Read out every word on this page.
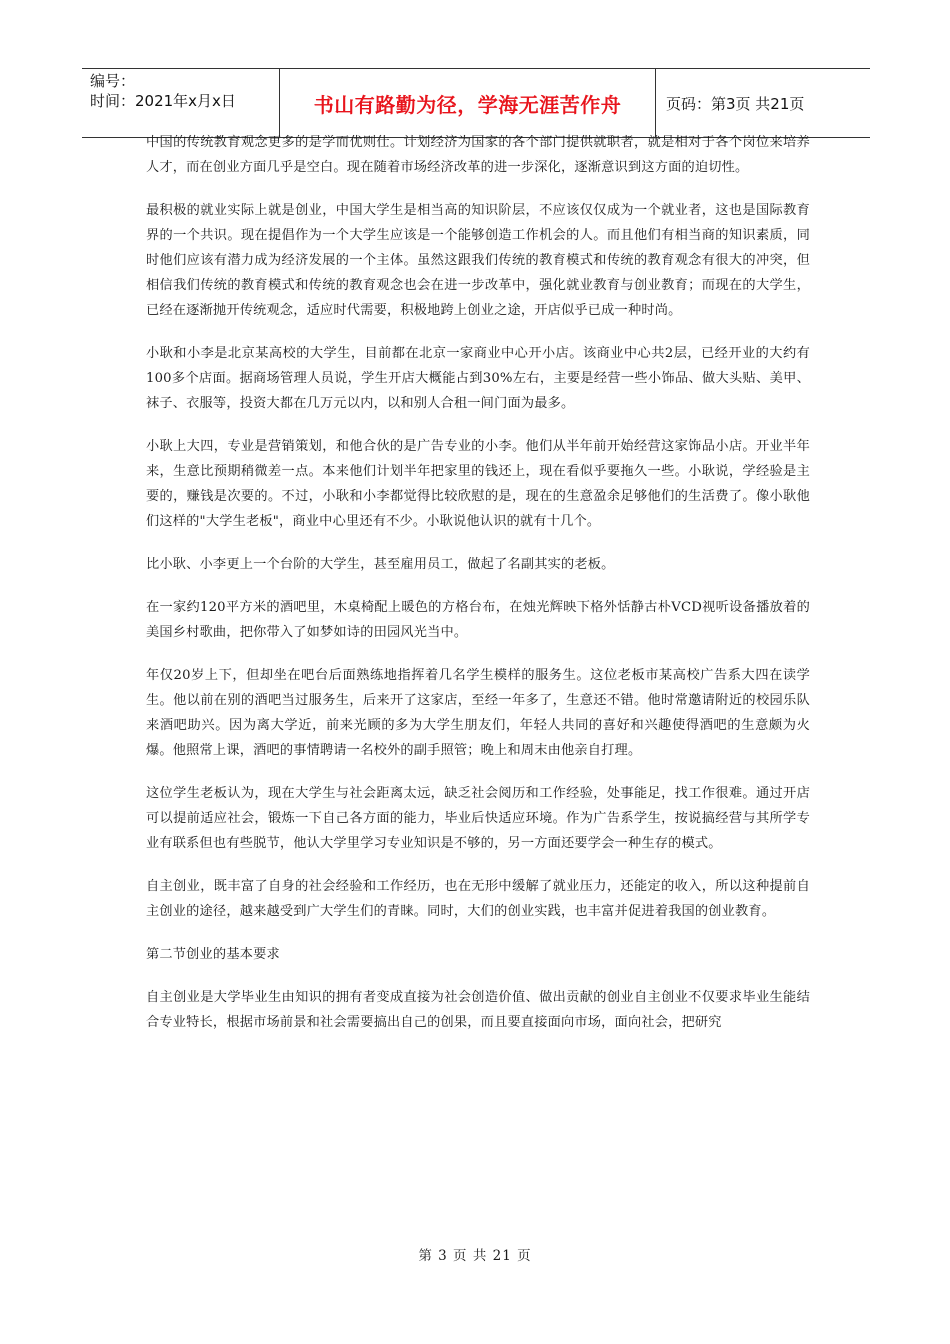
编号：
时间：2021年x月x日	书山有路勤为径，学海无涯苦作舟	页码：第3页 共21页

中国的传统教育观念更多的是学而优则仕。计划经济为国家的各个部门提供就职者，就是相对于各个岗位来培养人才，而在创业方面几乎是空白。现在随着市场经济改革的进一步深化，逐渐意识到这方面的迫切性。

最积极的就业实际上就是创业，中国大学生是相当高的知识阶层，不应该仅仅成为一个就业者，这也是国际教育界的一个共识。现在提倡作为一个大学生应该是一个能够创造工作机会的人。而且他们有相当商的知识素质，同时他们应该有潜力成为经济发展的一个主体。虽然这跟我们传统的教育模式和传统的教育观念有很大的冲突，但相信我们传统的教育模式和传统的教育观念也会在进一步改革中，强化就业教育与创业教育；而现在的大学生，已经在逐渐抛开传统观念，适应时代需要，积极地跨上创业之途，开店似乎已成一种时尚。

小耿和小李是北京某高校的大学生，目前都在北京一家商业中心开小店。该商业中心共2层，已经开业的大约有100多个店面。据商场管理人员说，学生开店大概能占到30%左右，主要是经营一些小饰品、做大头贴、美甲、袜子、衣服等，投资大都在几万元以内，以和别人合租一间门面为最多。

小耿上大四，专业是营销策划，和他合伙的是广告专业的小李。他们从半年前开始经营这家饰品小店。开业半年来，生意比预期稍微差一点。本来他们计划半年把家里的钱还上，现在看似乎要拖久一些。小耿说，学经验是主要的，赚钱是次要的。不过，小耿和小李都觉得比较欣慰的是，现在的生意盈余足够他们的生活费了。像小耿他们这样的"大学生老板"，商业中心里还有不少。小耿说他认识的就有十几个。

比小耿、小李更上一个台阶的大学生，甚至雇用员工，做起了名副其实的老板。

在一家约120平方米的酒吧里，木桌椅配上暖色的方格台布，在烛光辉映下格外恬静古朴VCD视听设备播放着的美国乡村歌曲，把你带入了如梦如诗的田园风光当中。

年仅20岁上下，但却坐在吧台后面熟练地指挥着几名学生模样的服务生。这位老板市某高校广告系大四在读学生。他以前在别的酒吧当过服务生，后来开了这家店，至经一年多了，生意还不错。他时常邀请附近的校园乐队来酒吧助兴。因为离大学近，前来光顾的多为大学生朋友们，年轻人共同的喜好和兴趣使得酒吧的生意颇为火爆。他照常上课，酒吧的事情聘请一名校外的副手照管；晚上和周末由他亲自打理。

这位学生老板认为，现在大学生与社会距离太远，缺乏社会阅历和工作经验，处事能足，找工作很难。通过开店可以提前适应社会，锻炼一下自己各方面的能力，毕业后快适应环境。作为广告系学生，按说搞经营与其所学专业有联系但也有些脱节，他认大学里学习专业知识是不够的，另一方面还要学会一种生存的模式。

自主创业，既丰富了自身的社会经验和工作经历，也在无形中缓解了就业压力，还能定的收入，所以这种提前自主创业的途径，越来越受到广大学生们的青睐。同时，大们的创业实践，也丰富并促进着我国的创业教育。

第二节创业的基本要求

自主创业是大学毕业生由知识的拥有者变成直接为社会创造价值、做出贡献的创业自主创业不仅要求毕业生能结合专业特长，根据市场前景和社会需要搞出自己的创果，而且要直接面向市场，面向社会，把研究

第 3 页 共 21 页
